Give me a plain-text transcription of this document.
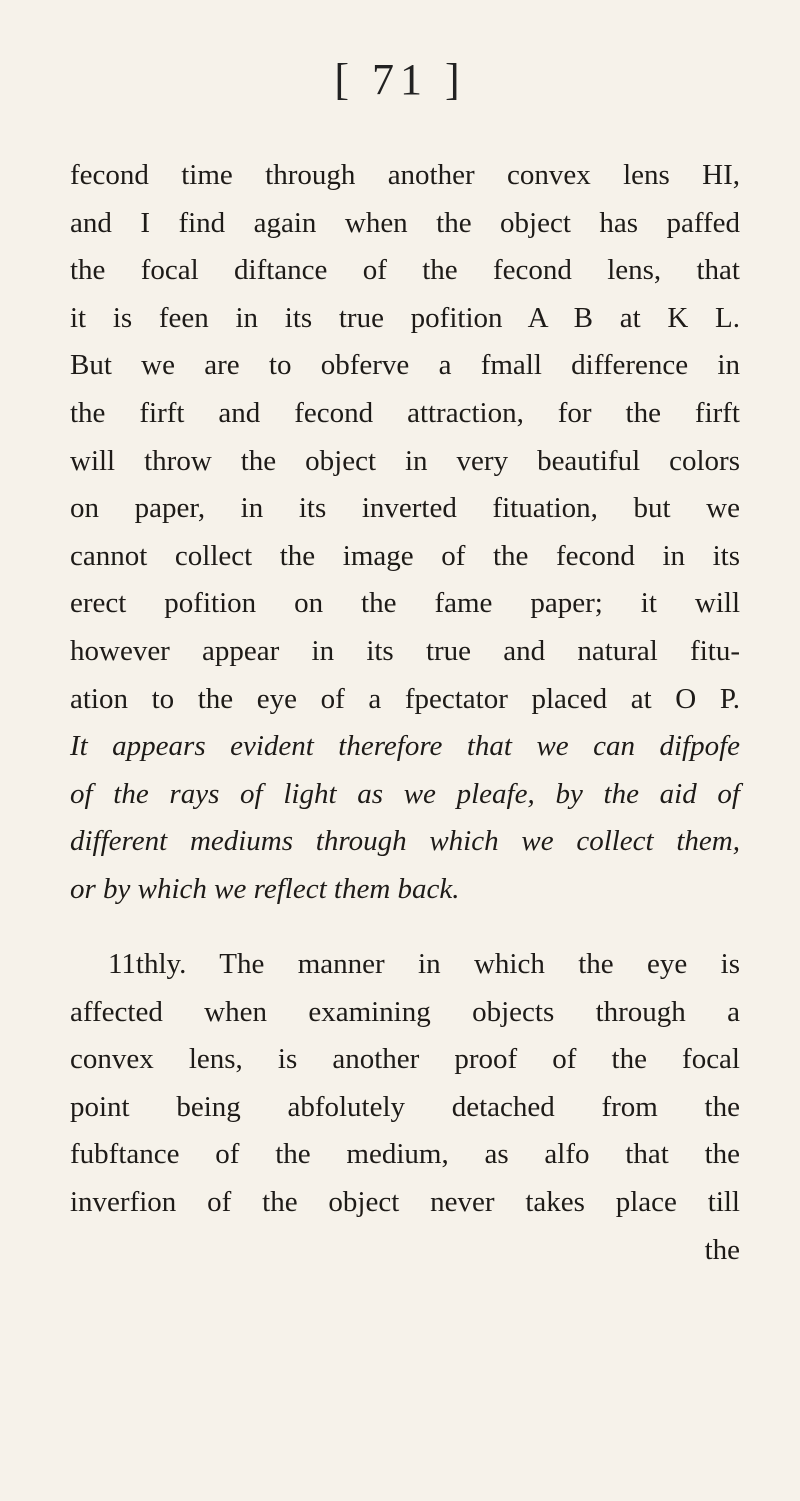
[ 71 ]
fecond time through another convex lens HI,
and I find again when the object has paffed
the focal diftance of the fecond lens, that
it is feen in its true pofition A B at K L.
But we are to obferve a fmall difference in
the firft and fecond attraction, for the firft
will throw the object in very beautiful colors
on paper, in its inverted fituation, but we
cannot collect the image of the fecond in its
erect pofition on the fame paper; it will
however appear in its true and natural fitu-
ation to the eye of a fpectator placed at O P.
It appears evident therefore that we can difpofe
of the rays of light as we pleafe, by the aid of
different mediums through which we collect them,
or by which we reflect them back.
11thly. The manner in which the eye is
affected when examining objects through a
convex lens, is another proof of the focal
point being abfolutely detached from the
fubftance of the medium, as alfo that the
inverfion of the object never takes place till
the
